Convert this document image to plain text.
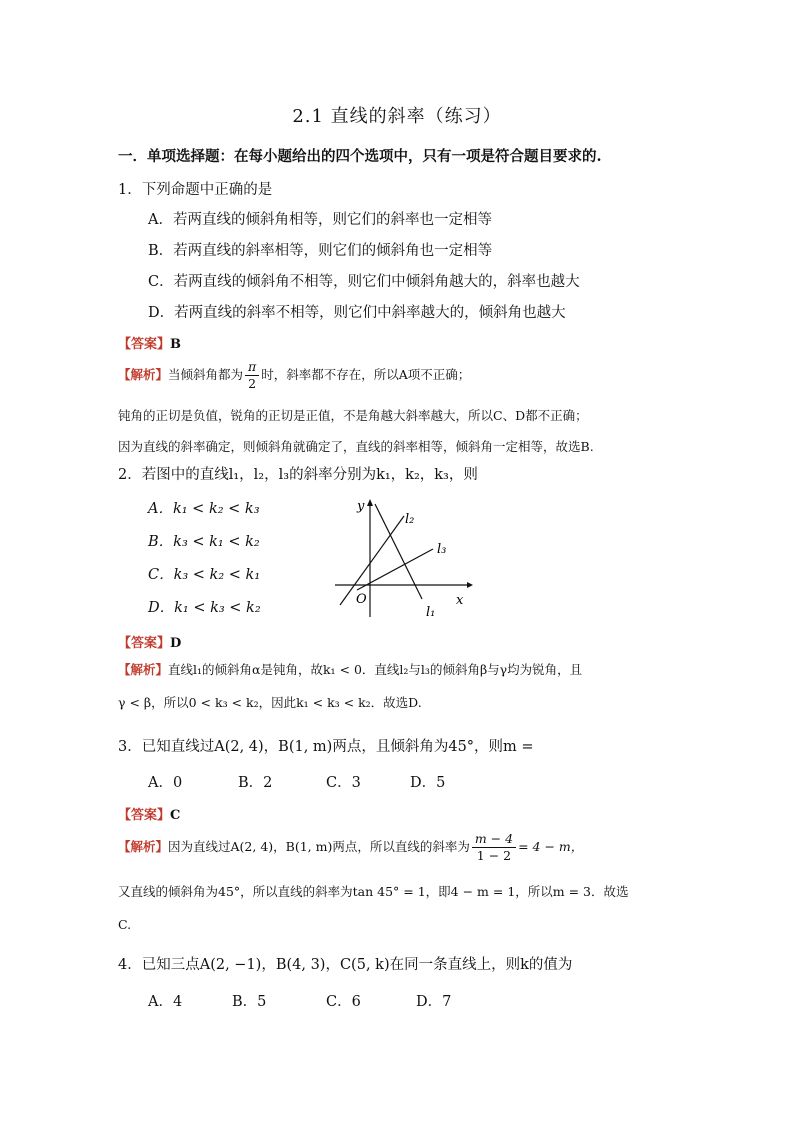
2.1 直线的斜率（练习）
一．单项选择题：在每小题给出的四个选项中，只有一项是符合题目要求的.
1．下列命题中正确的是
A．若两直线的倾斜角相等，则它们的斜率也一定相等
B．若两直线的斜率相等，则它们的倾斜角也一定相等
C．若两直线的倾斜角不相等，则它们中倾斜角越大的，斜率也越大
D．若两直线的斜率不相等，则它们中斜率越大的，倾斜角也越大
【答案】B
【解析】当倾斜角都为 $\frac{\pi}{2}$ 时，斜率都不存在，所以A项不正确；
钝角的正切是负值，锐角的正切是正值，不是角越大斜率越大，所以C、D都不正确；
因为直线的斜率确定，则倾斜角就确定了，直线的斜率相等，倾斜角一定相等，故选B.
2．若图中的直线l₁，l₂，l₃的斜率分别为k₁，k₂，k₃，则
A．k₁ < k₂ < k₃
B．k₃ < k₁ < k₂
C．k₃ < k₂ < k₁
D．k₁ < k₃ < k₂
y
x
O
l₁
l₂
l₃
【答案】D
【解析】直线l₁的倾斜角α是钝角，故k₁ < 0．直线l₂与l₃的倾斜角β与γ均为锐角，且
γ < β，所以0 < k₃ < k₂，因此k₁ < k₃ < k₂．故选D.
3．已知直线过A(2, 4)，B(1, m)两点，且倾斜角为45°，则m =
A．0	B．2	C．3	D．5
【答案】C
【解析】因为直线过A(2, 4)，B(1, m)两点，所以直线的斜率为 $\frac{m - 4}{1 - 2} = 4 - m$，
又直线的倾斜角为45°，所以直线的斜率为tan 45° = 1，即4 − m = 1，所以m = 3．故选
C.
4．已知三点A(2, −1)，B(4, 3)，C(5, k)在同一条直线上，则k的值为
A．4	B．5	C．6	D．7
